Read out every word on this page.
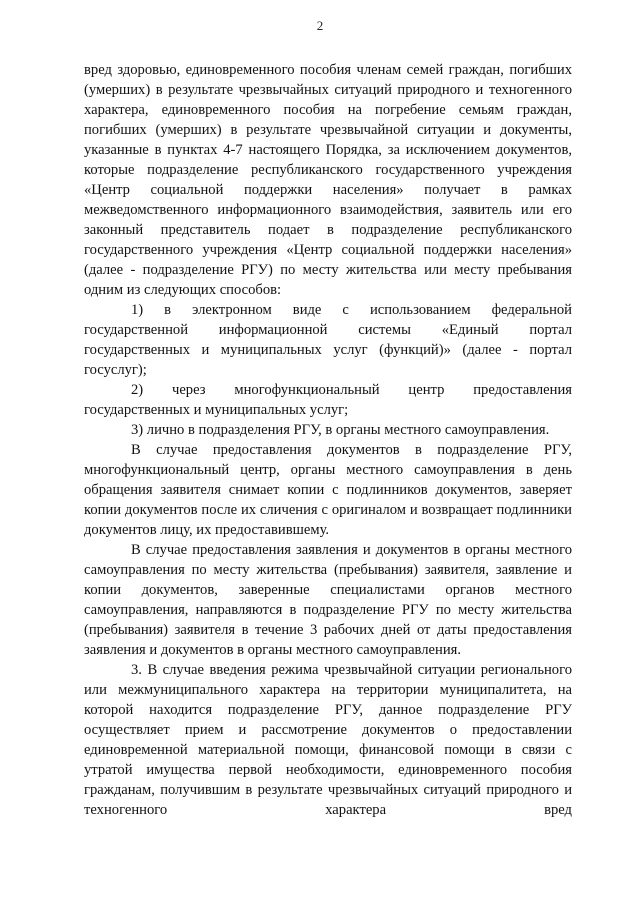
2

вред здоровью, единовременного пособия членам семей граждан, погибших (умерших) в результате чрезвычайных ситуаций природного и техногенного характера, единовременного пособия на погребение семьям граждан, погибших (умерших) в результате чрезвычайной ситуации и документы, указанные в пунктах 4-7 настоящего Порядка, за исключением документов, которые подразделение республиканского государственного учреждения «Центр социальной поддержки населения» получает в рамках межведомственного информационного взаимодействия, заявитель или его законный представитель подает в подразделение республиканского государственного учреждения «Центр социальной поддержки населения» (далее - подразделение РГУ) по месту жительства или месту пребывания одним из следующих способов:

1) в электронном виде с использованием федеральной государственной информационной системы «Единый портал государственных и муниципальных услуг (функций)» (далее - портал госуслуг);

2) через многофункциональный центр предоставления государственных и муниципальных услуг;

3) лично в подразделения РГУ, в органы местного самоуправления.

В случае предоставления документов в подразделение РГУ, многофункциональный центр, органы местного самоуправления в день обращения заявителя снимает копии с подлинников документов, заверяет копии документов после их сличения с оригиналом и возвращает подлинники документов лицу, их предоставившему.

В случае предоставления заявления и документов в органы местного самоуправления по месту жительства (пребывания) заявителя, заявление и копии документов, заверенные специалистами органов местного самоуправления, направляются в подразделение РГУ по месту жительства (пребывания) заявителя в течение 3 рабочих дней от даты предоставления заявления и документов в органы местного самоуправления.

3. В случае введения режима чрезвычайной ситуации регионального или межмуниципального характера на территории муниципалитета, на которой находится подразделение РГУ, данное подразделение РГУ осуществляет прием и рассмотрение документов о предоставлении единовременной материальной помощи, финансовой помощи в связи с утратой имущества первой необходимости, единовременного пособия гражданам, получившим в результате чрезвычайных ситуаций природного и техногенного характера вред
